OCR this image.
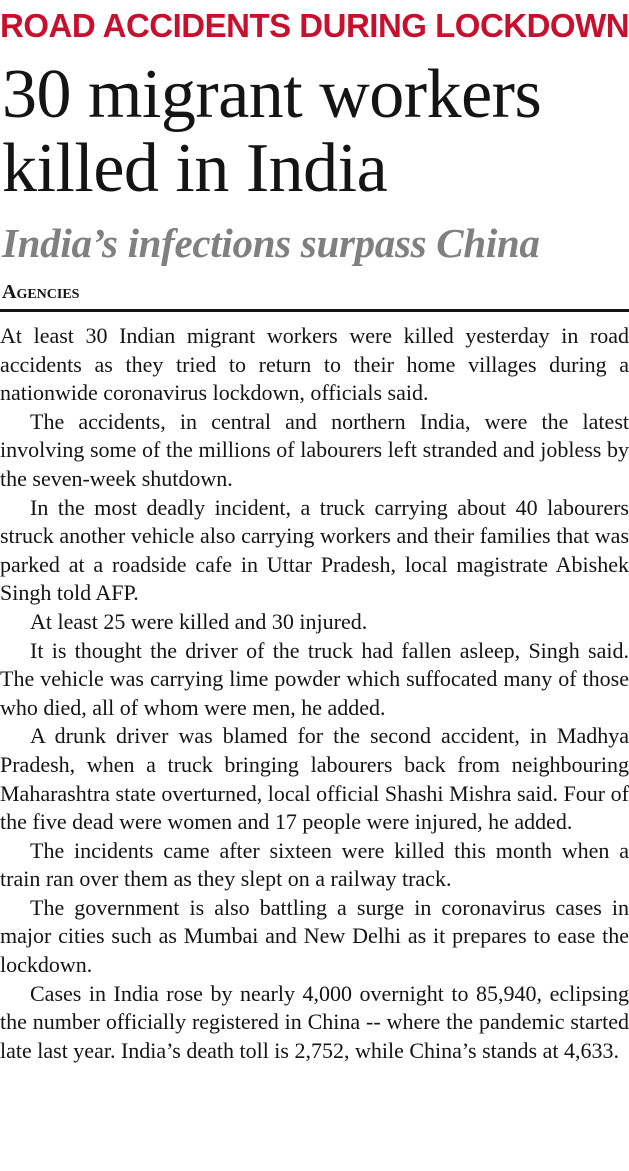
ROAD ACCIDENTS DURING LOCKDOWN
30 migrant workers
killed in India
India’s infections surpass China
Agencies

At least 30 Indian migrant workers were killed yesterday in road accidents as they tried to return to their home villages during a nationwide coronavirus lockdown, officials said.

The accidents, in central and northern India, were the latest involving some of the millions of labourers left stranded and jobless by the seven-week shutdown.

In the most deadly incident, a truck carrying about 40 labourers struck another vehicle also carrying workers and their families that was parked at a roadside cafe in Uttar Pradesh, local magistrate Abishek Singh told AFP.

At least 25 were killed and 30 injured.

It is thought the driver of the truck had fallen asleep, Singh said. The vehicle was carrying lime powder which suffocated many of those who died, all of whom were men, he added.

A drunk driver was blamed for the second accident, in Madhya Pradesh, when a truck bringing labourers back from neighbouring Maharashtra state overturned, local official Shashi Mishra said. Four of the five dead were women and 17 people were injured, he added.

The incidents came after sixteen were killed this month when a train ran over them as they slept on a railway track.

The government is also battling a surge in coronavirus cases in major cities such as Mumbai and New Delhi as it prepares to ease the lockdown.

Cases in India rose by nearly 4,000 overnight to 85,940, eclipsing the number officially registered in China -- where the pandemic started late last year. India’s death toll is 2,752, while China’s stands at 4,633.
